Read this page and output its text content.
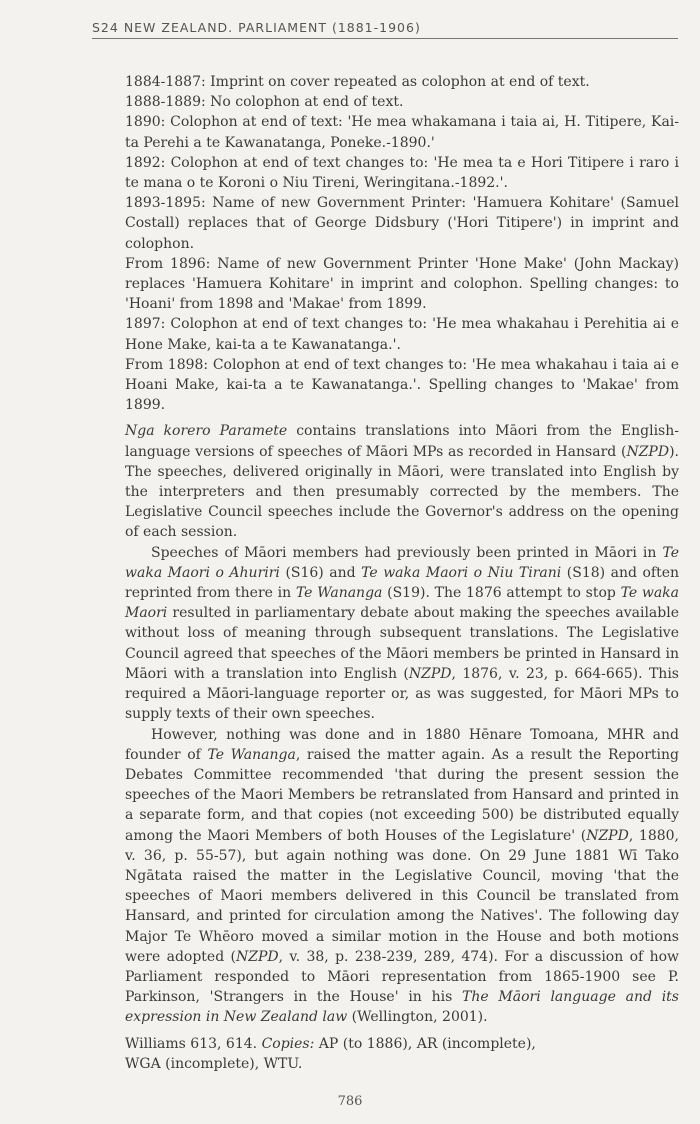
S24 NEW ZEALAND. PARLIAMENT (1881-1906)

1884-1887: Imprint on cover repeated as colophon at end of text.

1888-1889: No colophon at end of text.

1890: Colophon at end of text: 'He mea whakamana i taia ai, H. Titipere, Kai-ta Perehi a te Kawanatanga, Poneke.-1890.'

1892: Colophon at end of text changes to: 'He mea ta e Hori Titipere i raro i te mana o te Koroni o Niu Tireni, Weringitana.-1892.'.

1893-1895: Name of new Government Printer: 'Hamuera Kohitare' (Samuel Costall) replaces that of George Didsbury ('Hori Titipere') in imprint and colophon.

From 1896: Name of new Government Printer 'Hone Make' (John Mackay) replaces 'Hamuera Kohitare' in imprint and colophon. Spelling changes: to 'Hoani' from 1898 and 'Makae' from 1899.

1897: Colophon at end of text changes to: 'He mea whakahau i Perehitia ai e Hone Make, kai-ta a te Kawanatanga.'.

From 1898: Colophon at end of text changes to: 'He mea whakahau i taia ai e Hoani Make, kai-ta a te Kawanatanga.'. Spelling changes to 'Makae' from 1899.

Nga korero Paramete contains translations into Māori from the English-language versions of speeches of Māori MPs as recorded in Hansard (NZPD). The speeches, delivered originally in Māori, were translated into English by the interpreters and then presumably corrected by the members. The Legislative Council speeches include the Governor's address on the opening of each session.

Speeches of Māori members had previously been printed in Māori in Te waka Maori o Ahuriri (S16) and Te waka Maori o Niu Tirani (S18) and often reprinted from there in Te Wananga (S19). The 1876 attempt to stop Te waka Maori resulted in parliamentary debate about making the speeches available without loss of meaning through subsequent translations. The Legislative Council agreed that speeches of the Māori members be printed in Hansard in Māori with a translation into English (NZPD, 1876, v. 23, p. 664-665). This required a Māori-language reporter or, as was suggested, for Māori MPs to supply texts of their own speeches.

However, nothing was done and in 1880 Hēnare Tomoana, MHR and founder of Te Wananga, raised the matter again. As a result the Reporting Debates Committee recommended 'that during the present session the speeches of the Maori Members be retranslated from Hansard and printed in a separate form, and that copies (not exceeding 500) be distributed equally among the Maori Members of both Houses of the Legislature' (NZPD, 1880, v. 36, p. 55-57), but again nothing was done. On 29 June 1881 Wī Tako Ngātata raised the matter in the Legislative Council, moving 'that the speeches of Maori members delivered in this Council be translated from Hansard, and printed for circulation among the Natives'. The following day Major Te Whēoro moved a similar motion in the House and both motions were adopted (NZPD, v. 38, p. 238-239, 289, 474). For a discussion of how Parliament responded to Māori representation from 1865-1900 see P. Parkinson, 'Strangers in the House' in his The Māori language and its expression in New Zealand law (Wellington, 2001).

Williams 613, 614. Copies: AP (to 1886), AR (incomplete),
WGA (incomplete), WTU.

786
